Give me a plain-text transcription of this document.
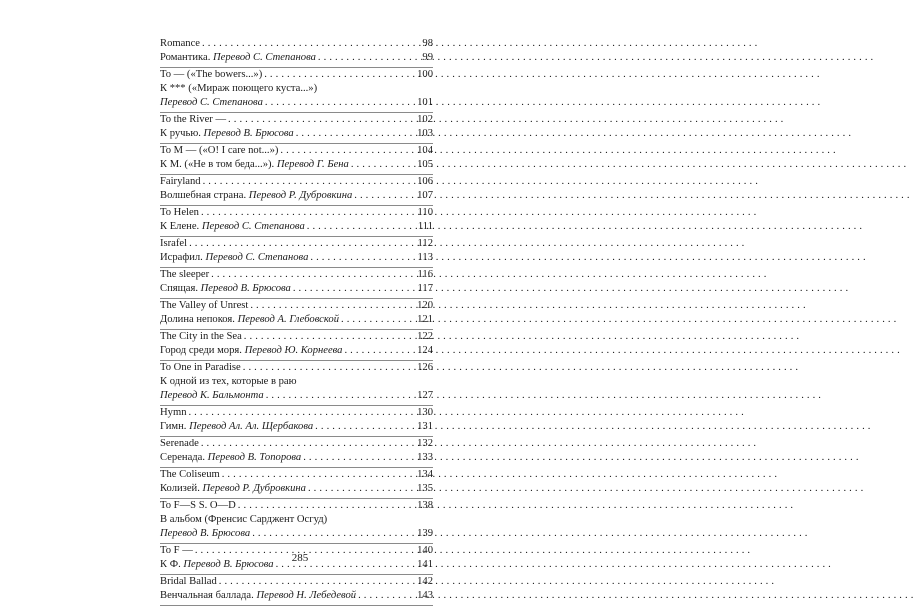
Romance . . .	98
Романтика. Перевод С. Степанова . . .	99
To — («The bowers...») . . .	100
К *** («Мираж поющего куста...»)
Перевод С. Степанова . . .	101
To the River — . . .	102
К ручью. Перевод В. Брюсова . . .	103
To M — («O! I care not...») . . .	104
К М. («Не в том беда...»). Перевод Г. Бена . . .	105
Fairyland . . .	106
Волшебная страна. Перевод Р. Дубровкина . . .	107
To Helen . . .	110
К Елене. Перевод С. Степанова . . .	111
Israfel . . .	112
Исрафил. Перевод С. Степанова . . .	113
The sleeper . . .	116
Спящая. Перевод В. Брюсова . . .	117
The Valley of Unrest . . .	120
Долина непокоя. Перевод А. Глебовской . . .	121
The City in the Sea . . .	122
Город среди моря. Перевод Ю. Корнеева . . .	124
To One in Paradise . . .	126
К одной из тех, которые в раю
Перевод К. Бальмонта . . .	127
Hymn . . .	130
Гимн. Перевод Ал. Ал. Щербакова . . .	131
Serenade . . .	132
Серенада. Перевод В. Топорова . . .	133
The Coliseum . . .	134
Колизей. Перевод Р. Дубровкина . . .	135
To F—S S. O—D . . .	138
В альбом (Френсис Сарджент Осгуд)
Перевод В. Брюсова . . .	139
To F — . . .	140
К Ф. Перевод В. Брюсова . . .	141
Bridal Ballad . . .	142
Венчальная баллада. Перевод Н. Лебедевой . . .	143
285
